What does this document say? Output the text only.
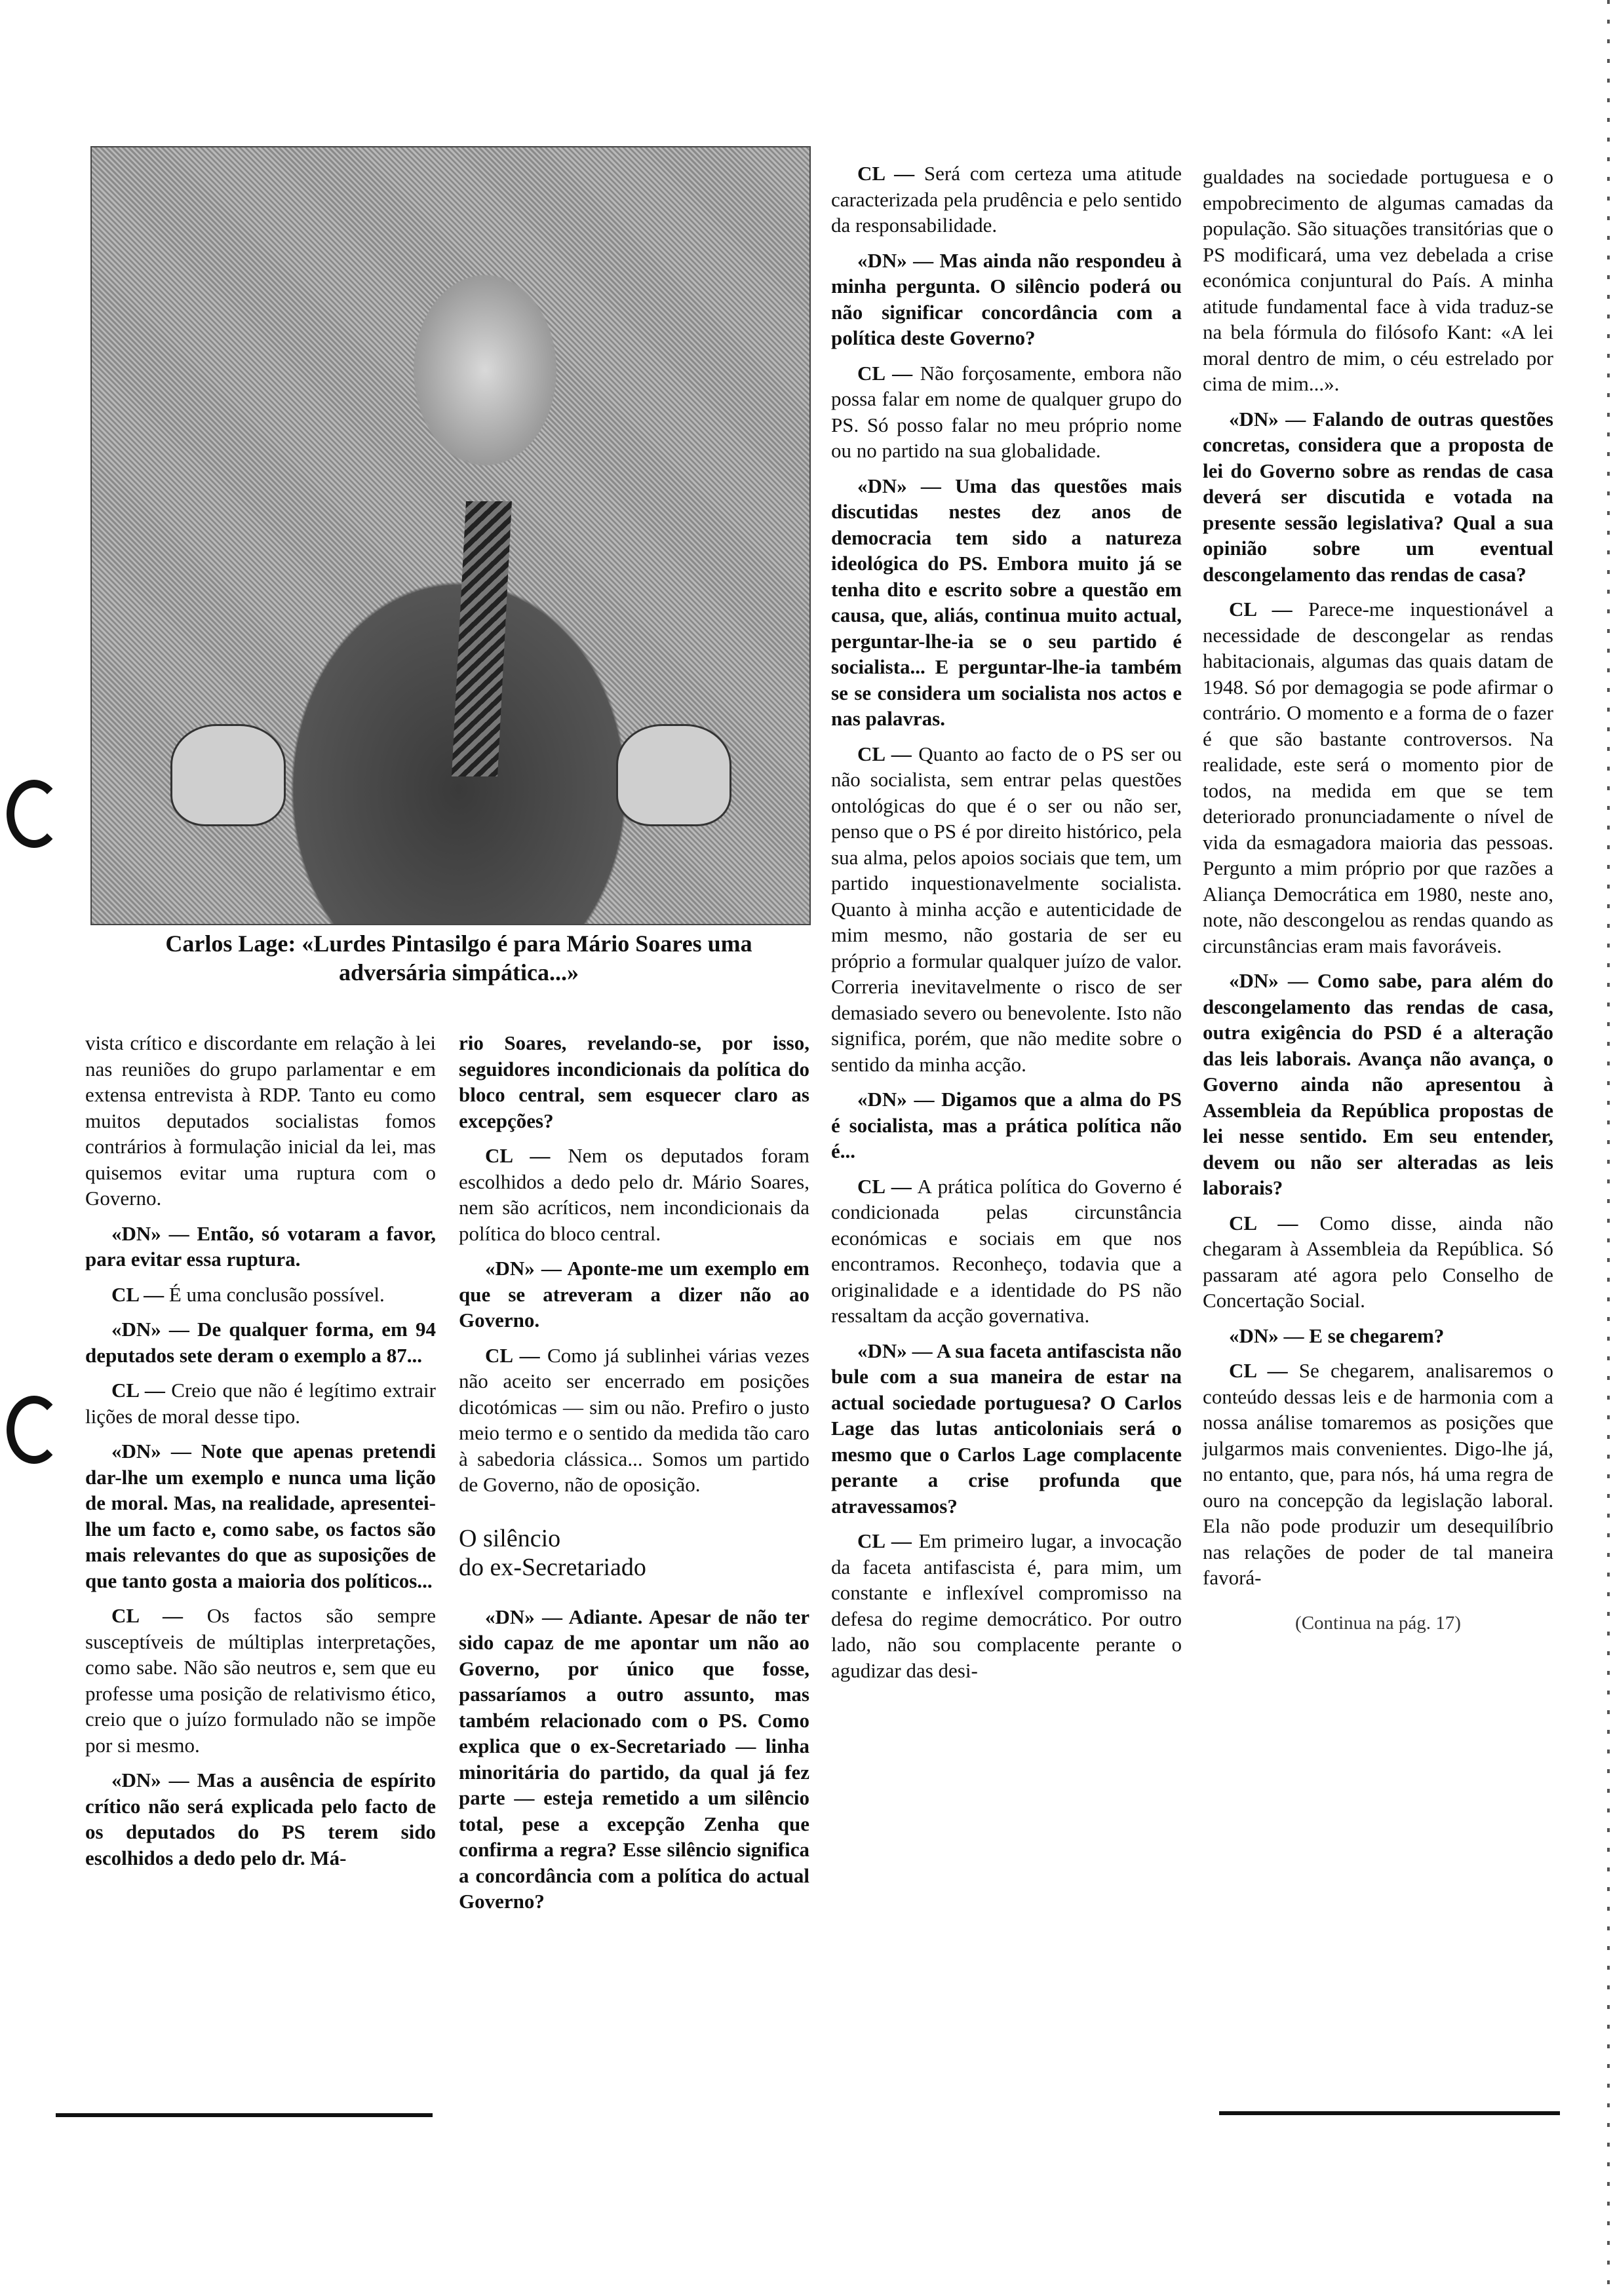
Carlos Lage: «Lurdes Pintasilgo é para Mário Soares uma
adversária simpática...»

vista crítico e discordante em relação à lei nas reuniões do grupo parlamentar e em extensa entrevista à RDP. Tanto eu como muitos deputados socialistas fomos contrários à formulação inicial da lei, mas quisemos evitar uma ruptura com o Governo.

«DN» — Então, só votaram a favor, para evitar essa ruptura.

CL — É uma conclusão possível.

«DN» — De qualquer forma, em 94 deputados sete deram o exemplo a 87...

CL — Creio que não é legítimo extrair lições de moral desse tipo.

«DN» — Note que apenas pretendi dar-lhe um exemplo e nunca uma lição de moral. Mas, na realidade, apresentei-lhe um facto e, como sabe, os factos são mais relevantes do que as suposições de que tanto gosta a maioria dos políticos...

CL — Os factos são sempre susceptíveis de múltiplas interpretações, como sabe. Não são neutros e, sem que eu professe uma posição de relativismo ético, creio que o juízo formulado não se impõe por si mesmo.

«DN» — Mas a ausência de espírito crítico não será explicada pelo facto de os deputados do PS terem sido escolhidos a dedo pelo dr. Má-

rio Soares, revelando-se, por isso, seguidores incondicionais da política do bloco central, sem esquecer claro as excepções?

CL — Nem os deputados foram escolhidos a dedo pelo dr. Mário Soares, nem são acríticos, nem incondicionais da política do bloco central.

«DN» — Aponte-me um exemplo em que se atreveram a dizer não ao Governo.

CL — Como já sublinhei várias vezes não aceito ser encerrado em posições dicotómicas — sim ou não. Prefiro o justo meio termo e o sentido da medida tão caro à sabedoria clássica... Somos um partido de Governo, não de oposição.

O silêncio
do ex-Secretariado

«DN» — Adiante. Apesar de não ter sido capaz de me apontar um não ao Governo, por único que fosse, passaríamos a outro assunto, mas também relacionado com o PS. Como explica que o ex-Secretariado — linha minoritária do partido, da qual já fez parte — esteja remetido a um silêncio total, pese a excepção Zenha que confirma a regra? Esse silêncio significa a concordância com a política do actual Governo?

CL — Será com certeza uma atitude caracterizada pela prudência e pelo sentido da responsabilidade.

«DN» — Mas ainda não respondeu à minha pergunta. O silêncio poderá ou não significar concordância com a política deste Governo?

CL — Não forçosamente, embora não possa falar em nome de qualquer grupo do PS. Só posso falar no meu próprio nome ou no partido na sua globalidade.

«DN» — Uma das questões mais discutidas nestes dez anos de democracia tem sido a natureza ideológica do PS. Embora muito já se tenha dito e escrito sobre a questão em causa, que, aliás, continua muito actual, perguntar-lhe-ia se o seu partido é socialista... E perguntar-lhe-ia também se se considera um socialista nos actos e nas palavras.

CL — Quanto ao facto de o PS ser ou não socialista, sem entrar pelas questões ontológicas do que é o ser ou não ser, penso que o PS é por direito histórico, pela sua alma, pelos apoios sociais que tem, um partido inquestionavelmente socialista. Quanto à minha acção e autenticidade de mim mesmo, não gostaria de ser eu próprio a formular qualquer juízo de valor. Correria inevitavelmente o risco de ser demasiado severo ou benevolente. Isto não significa, porém, que não medite sobre o sentido da minha acção.

«DN» — Digamos que a alma do PS é socialista, mas a prática política não é...

CL — A prática política do Governo é condicionada pelas circunstância económicas e sociais em que nos encontramos. Reconheço, todavia que a originalidade e a identidade do PS não ressaltam da acção governativa.

«DN» — A sua faceta antifascista não bule com a sua maneira de estar na actual sociedade portuguesa? O Carlos Lage das lutas anticoloniais será o mesmo que o Carlos Lage complacente perante a crise profunda que atravessamos?

CL — Em primeiro lugar, a invocação da faceta antifascista é, para mim, um constante e inflexível compromisso na defesa do regime democrático. Por outro lado, não sou complacente perante o agudizar das desi-

gualdades na sociedade portuguesa e o empobrecimento de algumas camadas da população. São situações transitórias que o PS modificará, uma vez debelada a crise económica conjuntural do País. A minha atitude fundamental face à vida traduz-se na bela fórmula do filósofo Kant: «A lei moral dentro de mim, o céu estrelado por cima de mim...».

«DN» — Falando de outras questões concretas, considera que a proposta de lei do Governo sobre as rendas de casa deverá ser discutida e votada na presente sessão legislativa? Qual a sua opinião sobre um eventual descongelamento das rendas de casa?

CL — Parece-me inquestionável a necessidade de descongelar as rendas habitacionais, algumas das quais datam de 1948. Só por demagogia se pode afirmar o contrário. O momento e a forma de o fazer é que são bastante controversos. Na realidade, este será o momento pior de todos, na medida em que se tem deteriorado pronunciadamente o nível de vida da esmagadora maioria das pessoas. Pergunto a mim próprio por que razões a Aliança Democrática em 1980, neste ano, note, não descongelou as rendas quando as circunstâncias eram mais favoráveis.

«DN» — Como sabe, para além do descongelamento das rendas de casa, outra exigência do PSD é a alteração das leis laborais. Avança não avança, o Governo ainda não apresentou à Assembleia da República propostas de lei nesse sentido. Em seu entender, devem ou não ser alteradas as leis laborais?

CL — Como disse, ainda não chegaram à Assembleia da República. Só passaram até agora pelo Conselho de Concertação Social.

«DN» — E se chegarem?

CL — Se chegarem, analisaremos o conteúdo dessas leis e de harmonia com a nossa análise tomaremos as posições que julgarmos mais convenientes. Digo-lhe já, no entanto, que, para nós, há uma regra de ouro na concepção da legislação laboral. Ela não pode produzir um desequilíbrio nas relações de poder de tal maneira favorá-

(Continua na pág. 17)
